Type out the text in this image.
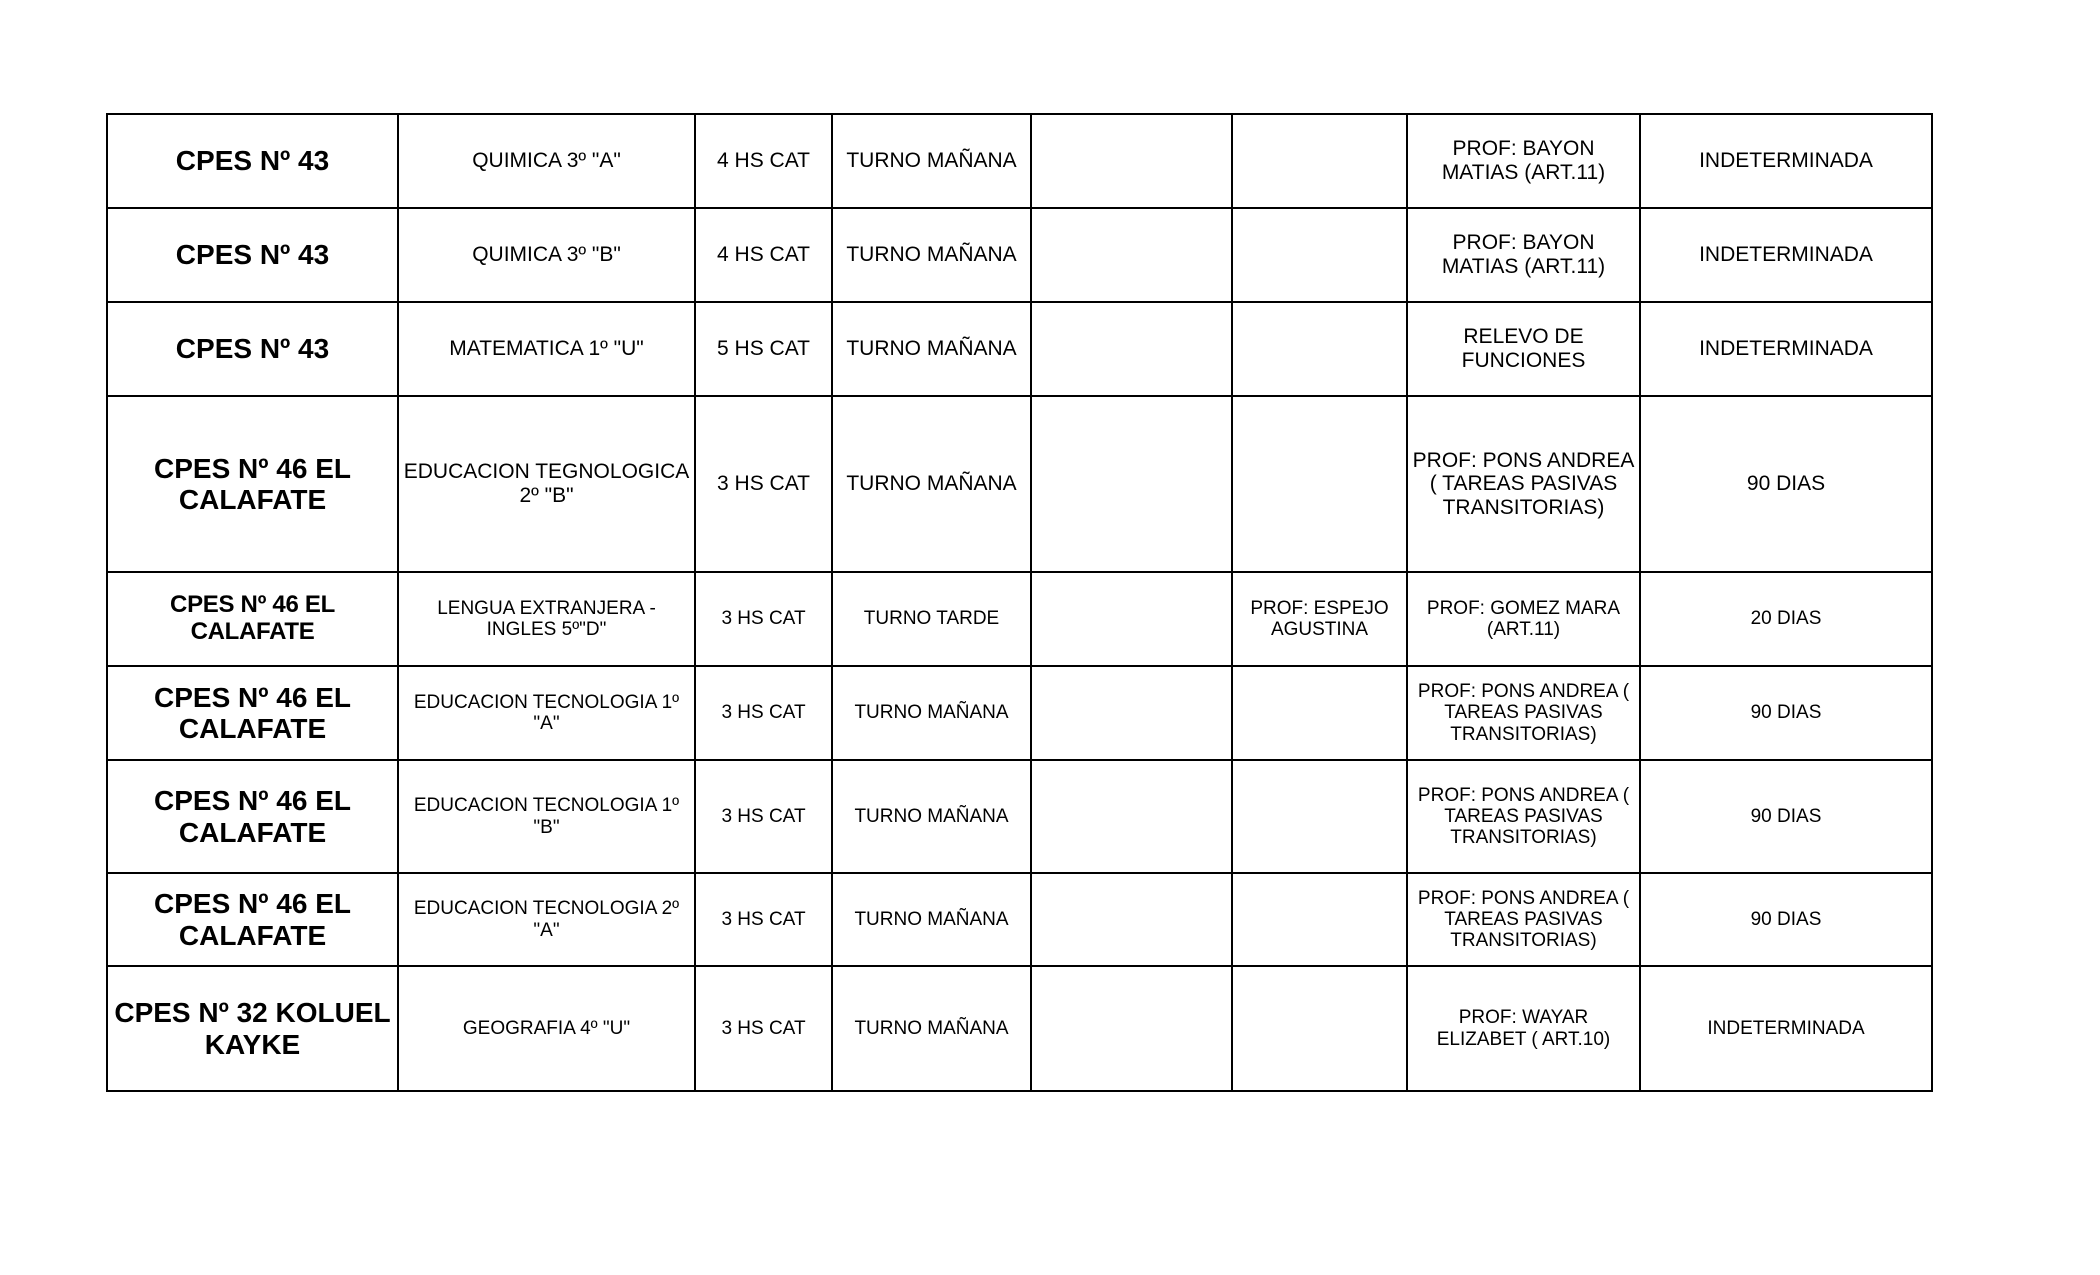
CPES Nº 43	QUIMICA 3º "A"	4 HS CAT	TURNO MAÑANA			PROF: BAYON MATIAS (ART.11)	INDETERMINADA
CPES Nº 43	QUIMICA 3º "B"	4 HS CAT	TURNO MAÑANA			PROF: BAYON MATIAS (ART.11)	INDETERMINADA
CPES Nº 43	MATEMATICA 1º "U"	5 HS CAT	TURNO MAÑANA			RELEVO DE FUNCIONES	INDETERMINADA
CPES Nº 46 EL CALAFATE	EDUCACION TEGNOLOGICA 2º "B"	3 HS CAT	TURNO MAÑANA			PROF: PONS ANDREA ( TAREAS PASIVAS TRANSITORIAS)	90 DIAS
CPES Nº 46 EL CALAFATE	LENGUA EXTRANJERA - INGLES 5º"D"	3 HS CAT	TURNO TARDE		PROF: ESPEJO AGUSTINA	PROF: GOMEZ MARA (ART.11)	20 DIAS
CPES Nº 46 EL CALAFATE	EDUCACION TECNOLOGIA 1º "A"	3 HS CAT	TURNO MAÑANA			PROF: PONS ANDREA ( TAREAS PASIVAS TRANSITORIAS)	90 DIAS
CPES Nº 46 EL CALAFATE	EDUCACION TECNOLOGIA 1º "B"	3 HS CAT	TURNO MAÑANA			PROF: PONS ANDREA ( TAREAS PASIVAS TRANSITORIAS)	90 DIAS
CPES Nº 46 EL CALAFATE	EDUCACION TECNOLOGIA 2º "A"	3 HS CAT	TURNO MAÑANA			PROF: PONS ANDREA ( TAREAS PASIVAS TRANSITORIAS)	90 DIAS
CPES Nº 32 KOLUEL KAYKE	GEOGRAFIA 4º "U"	3 HS CAT	TURNO MAÑANA			PROF: WAYAR ELIZABET ( ART.10)	INDETERMINADA
